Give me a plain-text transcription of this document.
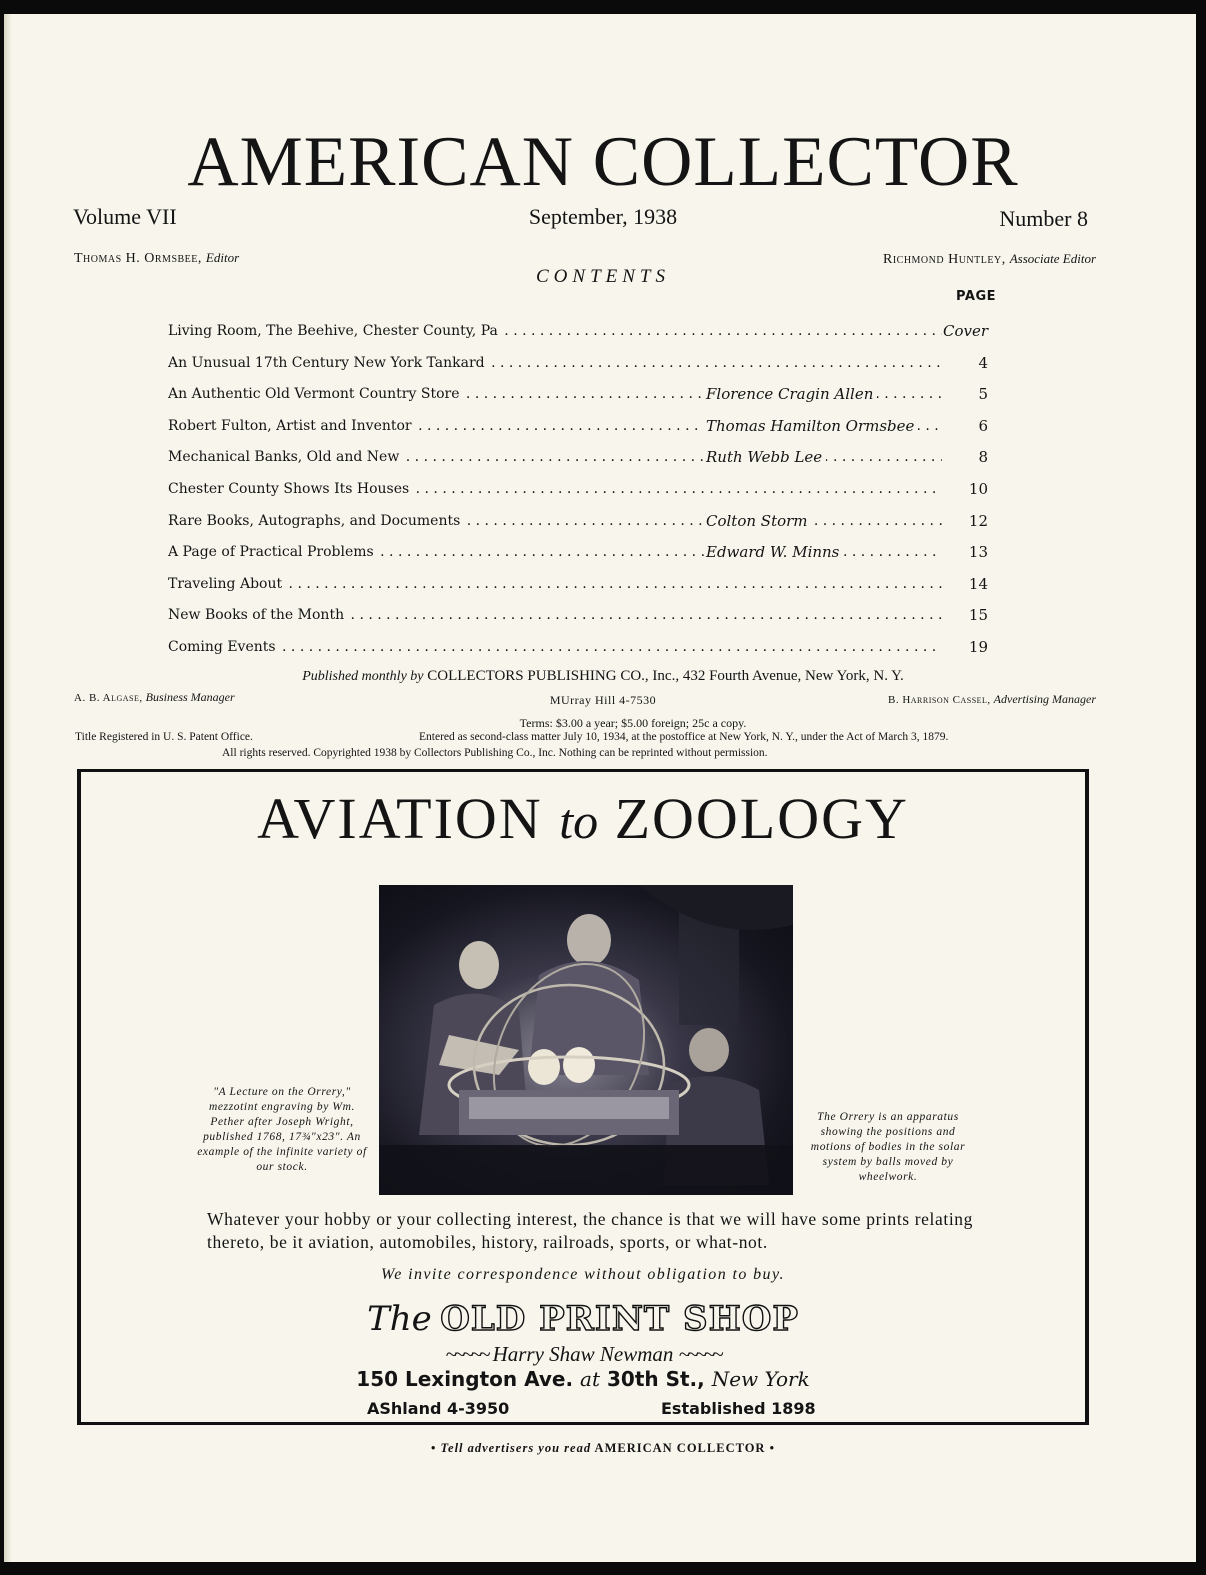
AMERICAN COLLECTOR
Volume VII	September, 1938	Number 8
Thomas H. Ormsbee, Editor	Richmond Huntley, Associate Editor
CONTENTS
PAGE
Living Room, The Beehive, Chester County, Pa . . .	Cover
An Unusual 17th Century New York Tankard . . .	4
An Authentic Old Vermont Country Store . . .	Florence Cragin Allen	5
Robert Fulton, Artist and Inventor . . .	Thomas Hamilton Ormsbee	6
Mechanical Banks, Old and New . . .	Ruth Webb Lee	8
Chester County Shows Its Houses . . .	10
Rare Books, Autographs, and Documents . . .	Colton Storm	12
A Page of Practical Problems . . .	Edward W. Minns	13
Traveling About . . .	14
New Books of the Month . . .	15
Coming Events . . .	19
Published monthly by COLLECTORS PUBLISHING CO., Inc., 432 Fourth Avenue, New York, N. Y.
A. B. Algase, Business Manager	MUrray Hill 4-7530	B. Harrison Cassel, Advertising Manager
Terms: $3.00 a year; $5.00 foreign; 25c a copy.
Title Registered in U. S. Patent Office.	Entered as second-class matter July 10, 1934, at the postoffice at New York, N. Y., under the Act of March 3, 1879.
All rights reserved. Copyrighted 1938 by Collectors Publishing Co., Inc. Nothing can be reprinted without permission.
AVIATION to ZOOLOGY
"A Lecture on the Orrery," mezzotint engraving by Wm. Pether after Joseph Wright, published 1768, 17¾"x23". An example of the infinite variety of our stock.
The Orrery is an apparatus showing the positions and motions of bodies in the solar system by balls moved by wheelwork.
Whatever your hobby or your collecting interest, the chance is that we will have some prints relating thereto, be it aviation, automobiles, history, railroads, sports, or what-not.
We invite correspondence without obligation to buy.
The OLD PRINT SHOP
~~~~~ Harry Shaw Newman ~~~~~
150 Lexington Ave. at 30th St., New York
AShland 4-3950	Established 1898
• Tell advertisers you read AMERICAN COLLECTOR •
